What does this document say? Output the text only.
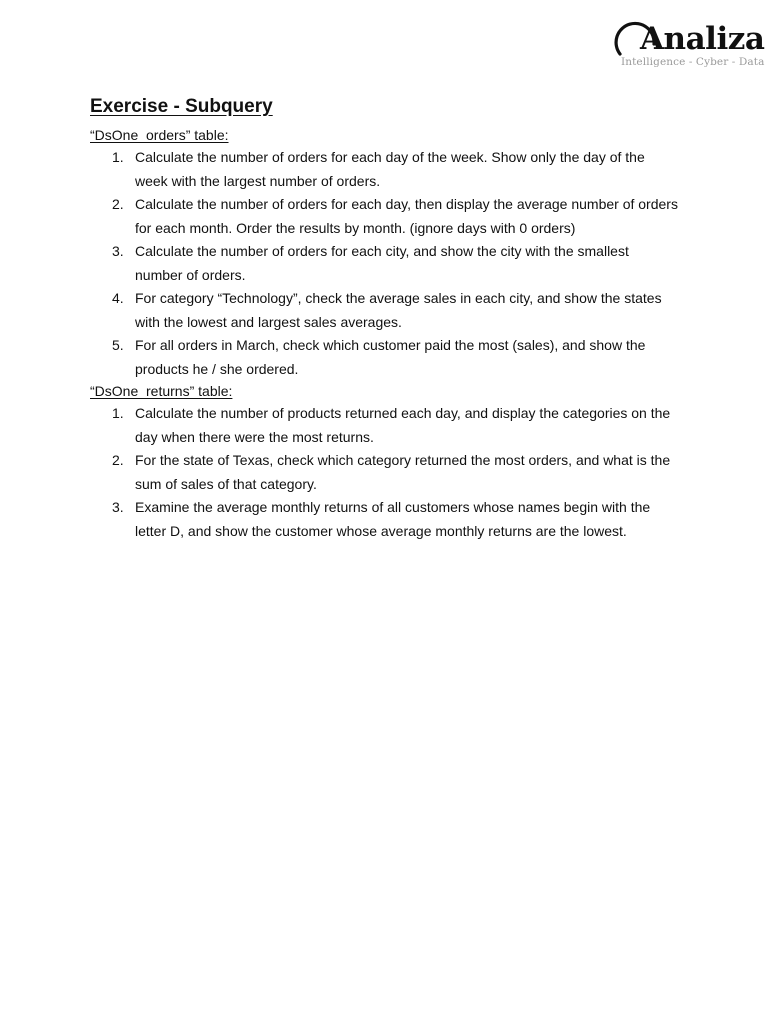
Analiza
Intelligence - Cyber - Data
Exercise - Subquery

“DsOne_orders” table:

1. Calculate the number of orders for each day of the week. Show only the day of the
week with the largest number of orders.
2. Calculate the number of orders for each day, then display the average number of orders
for each month. Order the results by month. (ignore days with 0 orders)
3. Calculate the number of orders for each city, and show the city with the smallest
number of orders.
4. For category “Technology”, check the average sales in each city, and show the states
with the lowest and largest sales averages.
5. For all orders in March, check which customer paid the most (sales), and show the
products he / she ordered.

“DsOne_returns” table:

1. Calculate the number of products returned each day, and display the categories on the
day when there were the most returns.
2. For the state of Texas, check which category returned the most orders, and what is the
sum of sales of that category.
3. Examine the average monthly returns of all customers whose names begin with the
letter D, and show the customer whose average monthly returns are the lowest.
